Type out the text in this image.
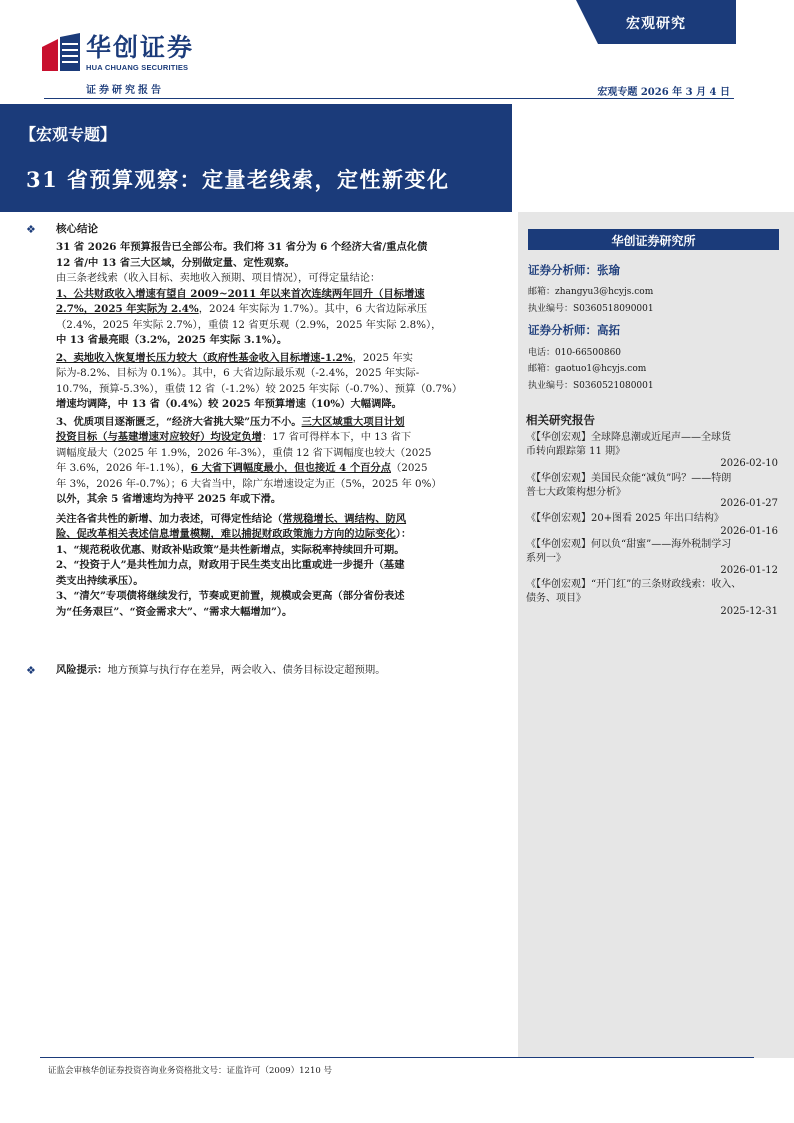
华创证券
HUA CHUANG SECURITIES
证券研究报告
宏观研究
宏观专题 2026 年 3 月 4 日
【宏观专题】
31 省预算观察：定量老线索，定性新变化
华创证券研究所
证券分析师：张瑜
邮箱：zhangyu3@hcyjs.com
执业编号：S0360518090001
证券分析师：高拓
电话：010-66500860
邮箱：gaotuo1@hcyjs.com
执业编号：S0360521080001
相关研究报告
《【华创宏观】全球降息潮或近尾声——全球货
币转向跟踪第 11 期》
2026-02-10
《【华创宏观】美国民众能“减负”吗？——特朗
普七大政策构想分析》
2026-01-27
《【华创宏观】20+图看 2025 年出口结构》
2026-01-16
《【华创宏观】何以负“甜蜜”——海外税制学习
系列一》
2026-01-12
《【华创宏观】“开门红”的三条财政线索：收入、
债务、项目》
2025-12-31
❖ 核心结论

31 省 2026 年预算报告已全部公布。我们将 31 省分为 6 个经济大省/重点化债

12 省/中 13 省三大区域，分别做定量、定性观察。

由三条老线索（收入目标、卖地收入预期、项目情况），可得定量结论：

1、公共财政收入增速有望自 2009~2011 年以来首次连续两年回升（目标增速

2.7%，2025 年实际为 2.4%，2024 年实际为 1.7%）。其中，6 大省边际承压

（2.4%，2025 年实际 2.7%），重债 12 省更乐观（2.9%，2025 年实际 2.8%），

中 13 省最亮眼（3.2%，2025 年实际 3.1%）。

2、卖地收入恢复增长压力较大（政府性基金收入目标增速-1.2%，2025 年实

际为-8.2%、目标为 0.1%）。其中，6 大省边际最乐观（-2.4%，2025 年实际-

10.7%，预算-5.3%），重债 12 省（-1.2%）较 2025 年实际（-0.7%）、预算（0.7%）

增速均调降，中 13 省（0.4%）较 2025 年预算增速（10%）大幅调降。

3、优质项目逐渐匮乏，“经济大省挑大梁”压力不小。三大区域重大项目计划

投资目标（与基建增速对应较好）均设定负增：17 省可得样本下，中 13 省下

调幅度最大（2025 年 1.9%，2026 年-3%），重债 12 省下调幅度也较大（2025

年 3.6%，2026 年-1.1%），6 大省下调幅度最小，但也接近 4 个百分点（2025

年 3%，2026 年-0.7%）；6 大省当中，除广东增速设定为正（5%，2025 年 0%）

以外，其余 5 省增速均为持平 2025 年或下滑。

关注各省共性的新增、加力表述，可得定性结论（常规稳增长、调结构、防风

险、促改革相关表述信息增量模糊，难以捕捉财政政策施力方向的边际变化）：

1、“规范税收优惠、财政补贴政策”是共性新增点，实际税率持续回升可期。

2、“投资于人”是共性加力点，财政用于民生类支出比重或进一步提升（基建

类支出持续承压）。

3、“清欠”专项债将继续发行，节奏或更前置，规模或会更高（部分省份表述

为“任务艰巨”、“资金需求大”、“需求大幅增加”）。

❖ 风险提示：地方预算与执行存在差异，两会收入、债务目标设定超预期。
证监会审核华创证券投资咨询业务资格批文号：证监许可（2009）1210 号
